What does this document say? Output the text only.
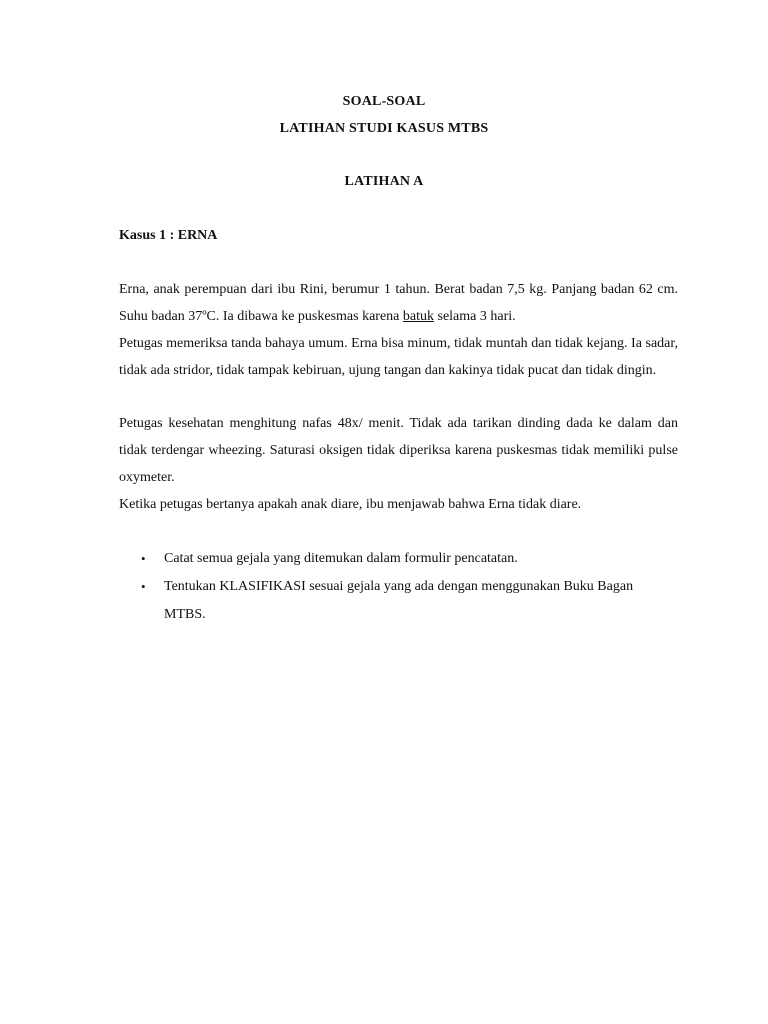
SOAL-SOAL
LATIHAN STUDI KASUS MTBS
LATIHAN A
Kasus 1 : ERNA
Erna, anak perempuan dari ibu Rini, berumur 1 tahun. Berat badan 7,5 kg. Panjang badan 62 cm. Suhu badan 37ºC. Ia dibawa ke puskesmas karena batuk selama 3 hari.
Petugas memeriksa tanda bahaya umum. Erna bisa minum, tidak muntah dan tidak kejang. Ia sadar, tidak ada stridor, tidak tampak kebiruan, ujung tangan dan kakinya tidak pucat dan tidak dingin.
Petugas kesehatan menghitung nafas 48x/ menit. Tidak ada tarikan dinding dada ke dalam dan tidak terdengar wheezing. Saturasi oksigen tidak diperiksa karena puskesmas tidak memiliki pulse oxymeter.
Ketika petugas bertanya apakah anak diare, ibu menjawab bahwa Erna tidak diare.
• Catat semua gejala yang ditemukan dalam formulir pencatatan.
• Tentukan KLASIFIKASI sesuai gejala yang ada dengan menggunakan Buku Bagan MTBS.
